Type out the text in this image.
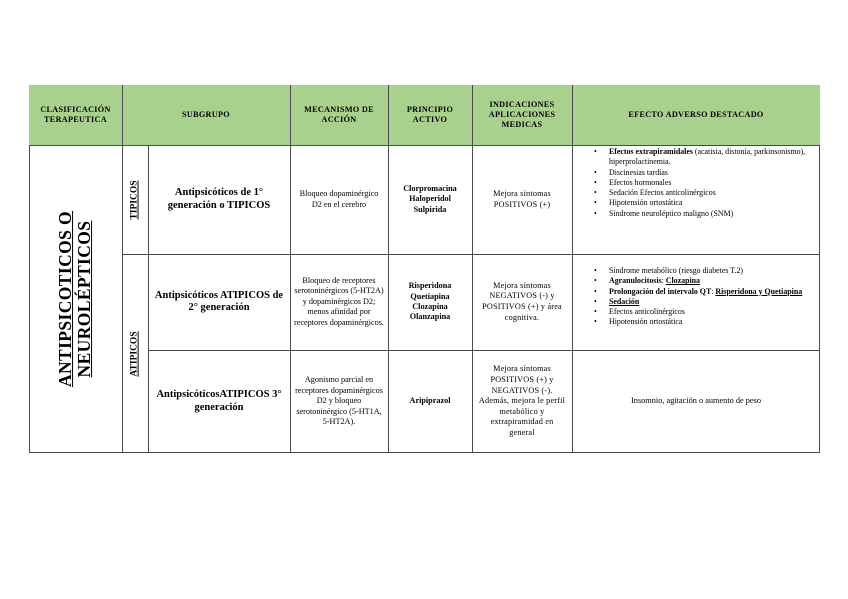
CLASIFICACIÓN TERAPEUTICA
SUBGRUPO
MECANISMO DE ACCIÓN
PRINCIPIO ACTIVO
INDICACIONES APLICACIONES MEDICAS
EFECTO ADVERSO DESTACADO
ANTIPSICOTICOS O NEUROLÉPTICOS
TIPICOS
ATIPICOS
Antipsicóticos de 1° generación o TIPICOS
Bloqueo dopaminérgico D2 en el cerebro
Clorpromacina
Haloperidol
Sulpirida
Mejora síntomas POSITIVOS (+)
• Efectos extrapiramidales (acatisia, distonía, parkinsonismo), hiperprolactinemia.
• Discinesias tardías
• Efectos hormonales
• Sedación Efectos anticolinérgicos
• Hipotensión ortostática
• Síndrome neuroléptico maligno (SNM)
Antipsicóticos ATIPICOS de 2° generación
Bloqueo de receptores serotoninérgicos (5-HT2A) y dopaminérgicos D2; menos afinidad por receptores dopaminérgicos.
Risperidona
Quetiapina
Clozapina
Olanzapina
Mejora síntomas NEGATIVOS (-) y POSITIVOS (+) y área cognitiva.
• Síndrome metabólico (riesgo diabetes T.2)
• Agranulocitosis: Clozapina
• Prolongación del intervalo QT: Risperidona y Quetiapina
• Sedación
• Efectos anticolinérgicos
• Hipotensión ortostática
AntipsicóticosATIPICOS 3° generación
Agonismo parcial en receptores dopaminérgicos D2 y bloqueo serotoninérgico (5-HT1A, 5-HT2A).
Aripiprazol
Mejora síntomas POSITIVOS (+) y NEGATIVOS (-). Además, mejora le perfil metabólico y extrapiramidad en general
Insomnio, agitación o aumento de peso
